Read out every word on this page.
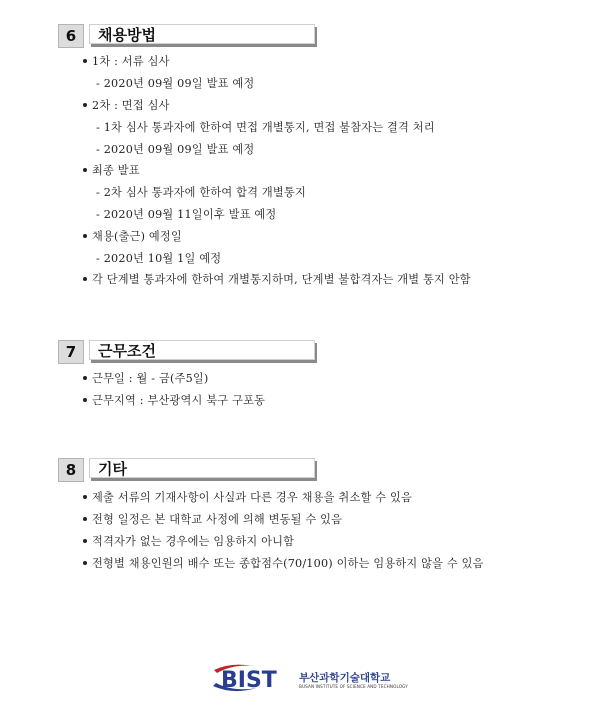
6	채용방법
1차 : 서류 심사
- 2020년 09월 09일 발표 예정
2차 : 면접 심사
- 1차 심사 통과자에 한하여 면접 개별통지, 면접 불참자는 결격 처리
- 2020년 09월 09일 발표 예정
최종 발표
- 2차 심사 통과자에 한하여 합격 개별통지
- 2020년 09월 11일이후 발표 예정
채용(출근) 예정일
- 2020년 10월 1일 예정
각 단계별 통과자에 한하여 개별통지하며, 단계별 불합격자는 개별 통지 안함
7	근무조건
근무일 : 월 - 금(주5일)
근무지역 : 부산광역시 북구 구포동
8	기타
제출 서류의 기재사항이 사실과 다른 경우 채용을 취소할 수 있음
전형 일정은 본 대학교 사정에 의해 변동될 수 있음
적격자가 없는 경우에는 임용하지 아니함
전형별 채용인원의 배수 또는 종합점수(70/100) 이하는 임용하지 않을 수 있음
BIST 부산과학기술대학교
BUSAN INSTITUTE OF SCIENCE AND TECHNOLOGY
